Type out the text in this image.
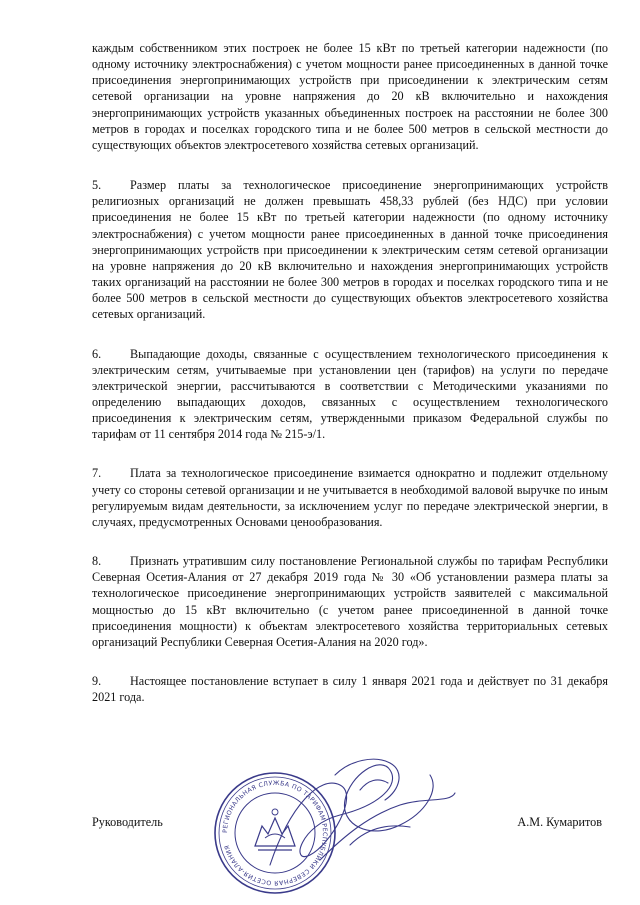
каждым собственником этих построек не более 15 кВт по третьей категории надежности (по одному источнику электроснабжения) с учетом мощности ранее присоединенных в данной точке присоединения энергопринимающих устройств при присоединении к электрическим сетям сетевой организации на уровне напряжения до 20 кВ включительно и нахождения энергопринимающих устройств указанных объединенных построек на расстоянии не более 300 метров в городах и поселках городского типа и не более 500 метров в сельской местности до существующих объектов электросетевого хозяйства сетевых организаций.

5. Размер платы за технологическое присоединение энергопринимающих устройств религиозных организаций не должен превышать 458,33 рублей (без НДС) при условии присоединения не более 15 кВт по третьей категории надежности (по одному источнику электроснабжения) с учетом мощности ранее присоединенных в данной точке присоединения энергопринимающих устройств при присоединении к электрическим сетям сетевой организации на уровне напряжения до 20 кВ включительно и нахождения энергопринимающих устройств таких организаций на расстоянии не более 300 метров в городах и поселках городского типа и не более 500 метров в сельской местности до существующих объектов электросетевого хозяйства сетевых организаций.

6. Выпадающие доходы, связанные с осуществлением технологического присоединения к электрическим сетям, учитываемые при установлении цен (тарифов) на услуги по передаче электрической энергии, рассчитываются в соответствии с Методическими указаниями по определению выпадающих доходов, связанных с осуществлением технологического присоединения к электрическим сетям, утвержденными приказом Федеральной службы по тарифам от 11 сентября 2014 года № 215-э/1.

7. Плата за технологическое присоединение взимается однократно и подлежит отдельному учету со стороны сетевой организации и не учитывается в необходимой валовой выручке по иным регулируемым видам деятельности, за исключением услуг по передаче электрической энергии, в случаях, предусмотренных Основами ценообразования.

8. Признать утратившим силу постановление Региональной службы по тарифам Республики Северная Осетия-Алания от 27 декабря 2019 года № 30 «Об установлении размера платы за технологическое присоединение энергопринимающих устройств заявителей с максимальной мощностью до 15 кВт включительно (с учетом ранее присоединенной в данной точке присоединения мощности) к объектам электросетевого хозяйства территориальных сетевых организаций Республики Северная Осетия-Алания на 2020 год».

9. Настоящее постановление вступает в силу 1 января 2021 года и действует по 31 декабря 2021 года.

РЕГИОНАЛЬНАЯ СЛУЖБА ПО ТАРИФАМ РЕСПУБЛИКИ СЕВЕРНАЯ ОСЕТИЯ-АЛАНИЯ
Руководитель	А.М. Кумаритов
